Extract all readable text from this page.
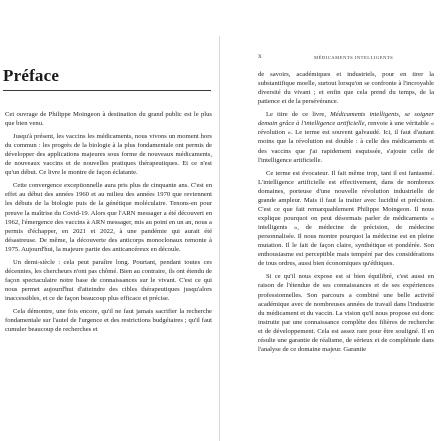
Préface

Cet ouvrage de Philippe Moingeon à destination du grand public est le plus que bien venu.

Jusqu'à présent, les vaccins les médicaments, nous vivons un moment hors du commun : les progrès de la biologie à la plus fondamentale ont permis de développer des applications majeures sous forme de nouveaux médicaments, de nouveaux vaccins et de nouvelles pratiques thérapeutiques. Et ce n'est qu'un début. Ce livre le montre de façon éclatante.

Cette convergence exceptionnelle aura pris plus de cinquante ans. C'est en effet au début des années 1960 et au milieu des années 1970 que reviennent les débuts de la biologie puis de la génétique moléculaire. Tenons-en pour preuve la maîtrise du Covid-19. Alors que l'ARN messager a été découvert en 1962, l'émergence des vaccins à ARN messager, mis au point en un an, nous a permis d'échapper, en 2021 et 2022, à une pandémie qui aurait été désastreuse. De même, la découverte des anticorps monoclonaux remonte à 1975. Aujourd'hui, la majeure partie des anticancéreux en découle.

Un demi-siècle : cela peut paraître long. Pourtant, pendant toutes ces décennies, les chercheurs n'ont pas chômé. Bien au contraire, ils ont étendu de façon spectaculaire notre base de connaissances sur le vivant. C'est ce qui nous permet aujourd'hui d'atteindre des cibles thérapeutiques jusqu'alors inaccessibles, et ce de façon beaucoup plus efficace et précise.

Cela démontre, une fois encore, qu'il ne faut jamais sacrifier la recherche fondamentale sur l'autel de l'urgence et des restrictions budgétaires ; qu'il faut cumuler beaucoup de recherches et

X	MÉDICAMENTS INTELLIGENTS

de savoirs, académiques et industriels, pour en tirer la substantifique moelle, surtout lorsqu'on se confronte à l'incroyable diversité du vivant ; et enfin que cela prend du temps, de la patience et de la persévérance.

Le titre de ce livre, Médicaments intelligents, se soigner demain grâce à l'intelligence artificielle, renvoie à une véritable « révolution ». Le terme est souvent galvaudé. Ici, il faut d'autant moins que la révolution est double : à celle des médicaments et des vaccins que j'ai rapidement esquissée, s'ajoute celle de l'intelligence artificielle.

Ce terme est évocateur. Il fait même trop, tant il est fantasmé. L'intelligence artificielle est effectivement, dans de nombreux domaines, porteuse d'une nouvelle révolution industrielle de grande ampleur. Mais il faut la traiter avec lucidité et précision. C'est ce que fait remarquablement Philippe Moingeon. Il nous explique pourquoi on peut désormais parler de médicaments « intelligents », de médecine de précision, de médecine personnalisée. Il nous montre pourquoi la médecine est en pleine mutation. Il le fait de façon claire, synthétique et pondérée. Son enthousiasme est perceptible mais tempéré par des considérations de tous ordres, aussi bien économiques qu'éthiques.

Si ce qu'il nous expose est si bien équilibré, c'est aussi en raison de l'étendue de ses connaissances et de ses expériences professionnelles. Son parcours a combiné une belle activité académique avec de nombreuses années de travail dans l'industrie du médicament et du vaccin. La vision qu'il nous propose est donc instruite par une connaissance complète des filières de recherche et de développement. Cela est assez rare pour être souligné. Il en résulte une garantie de réalisme, de sérieux et de complétude dans l'analyse de ce domaine majeur. Garantie
